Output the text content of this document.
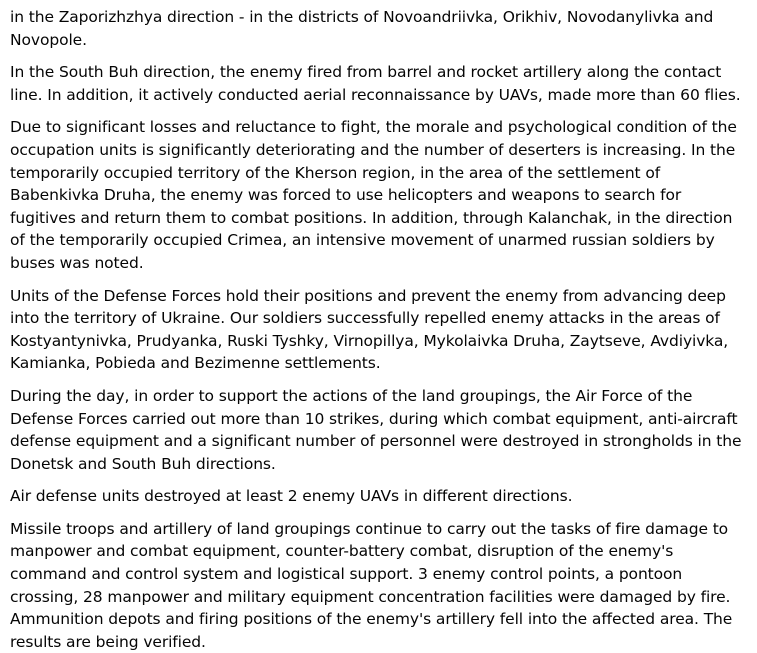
in the Zaporizhzhya direction - in the districts of Novoandriivka, Orikhiv, Novodanylivka and Novopole.

In the South Buh direction, the enemy fired from barrel and rocket artillery along the contact line. In addition, it actively conducted aerial reconnaissance by UAVs, made more than 60 flies.

Due to significant losses and reluctance to fight, the morale and psychological condition of the occupation units is significantly deteriorating and the number of deserters is increasing. In the temporarily occupied territory of the Kherson region, in the area of the settlement of Babenkivka Druha, the enemy was forced to use helicopters and weapons to search for fugitives and return them to combat positions. In addition, through Kalanchak, in the direction of the temporarily occupied Crimea, an intensive movement of unarmed russian soldiers by buses was noted.

Units of the Defense Forces hold their positions and prevent the enemy from advancing deep into the territory of Ukraine. Our soldiers successfully repelled enemy attacks in the areas of Kostyantynivka, Prudyanka, Ruski Tyshky, Virnopillya, Mykolaivka Druha, Zaytseve, Avdiyivka, Kamianka, Pobieda and Bezimenne settlements.

During the day, in order to support the actions of the land groupings, the Air Force of the Defense Forces carried out more than 10 strikes, during which combat equipment, anti-aircraft defense equipment and a significant number of personnel were destroyed in strongholds in the Donetsk and South Buh directions.

Air defense units destroyed at least 2 enemy UAVs in different directions.

Missile troops and artillery of land groupings continue to carry out the tasks of fire damage to manpower and combat equipment, counter-battery combat, disruption of the enemy's command and control system and logistical support. 3 enemy control points, a pontoon crossing, 28 manpower and military equipment concentration facilities were damaged by fire. Ammunition depots and firing positions of the enemy's artillery fell into the affected area. The results are being verified.
